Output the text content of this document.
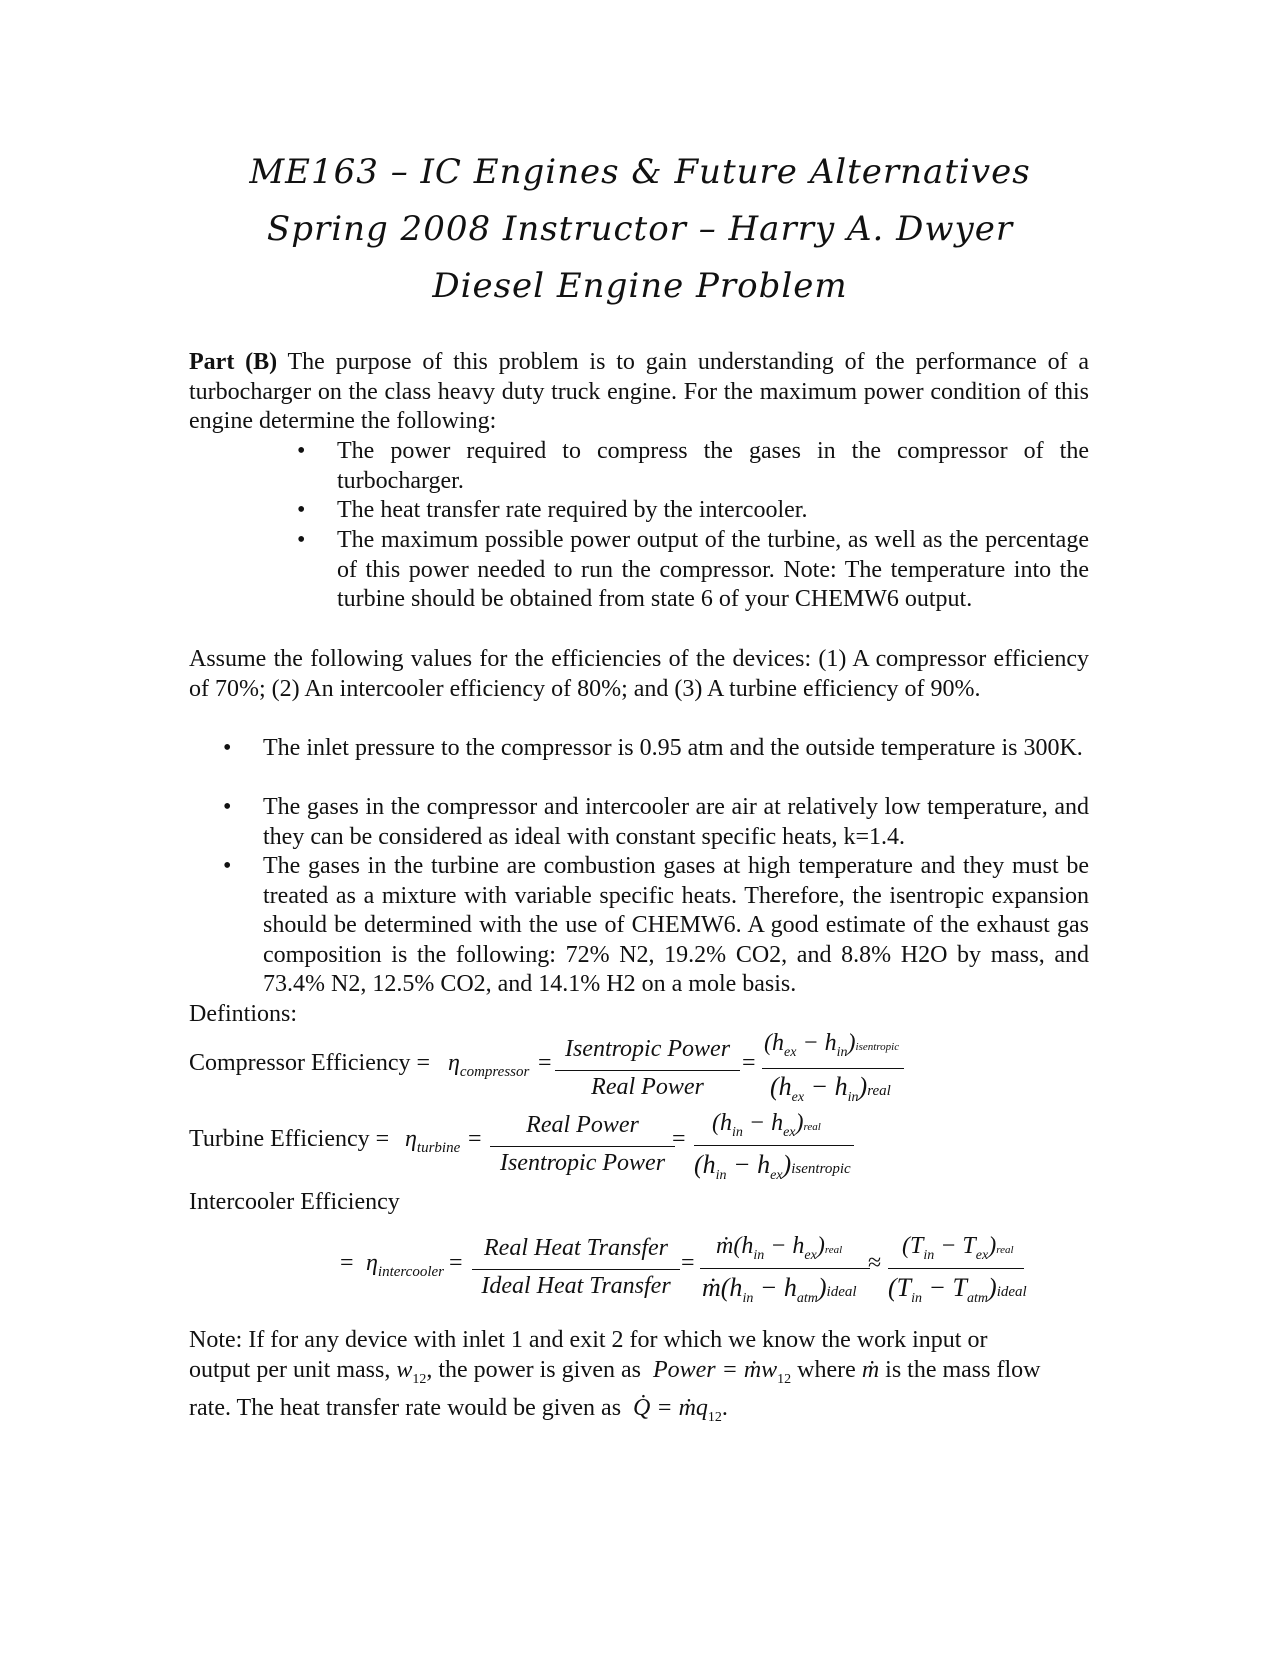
ME163 – IC Engines & Future Alternatives
Spring 2008 Instructor – Harry A. Dwyer
Diesel Engine Problem
Part (B) The purpose of this problem is to gain understanding of the performance of a turbocharger on the class heavy duty truck engine. For the maximum power condition of this engine determine the following:
• The power required to compress the gases in the compressor of the turbocharger.
• The heat transfer rate required by the intercooler.
• The maximum possible power output of the turbine, as well as the percentage of this power needed to run the compressor. Note: The temperature into the turbine should be obtained from state 6 of your CHEMW6 output.
Assume the following values for the efficiencies of the devices: (1) A compressor efficiency of 70%; (2) An intercooler efficiency of 80%; and (3) A turbine efficiency of 90%.
• The inlet pressure to the compressor is 0.95 atm and the outside temperature is 300K.
• The gases in the compressor and intercooler are air at relatively low temperature, and they can be considered as ideal with constant specific heats, k=1.4.
• The gases in the turbine are combustion gases at high temperature and they must be treated as a mixture with variable specific heats. Therefore, the isentropic expansion should be determined with the use of CHEMW6. A good estimate of the exhaust gas composition is the following: 72% N2, 19.2% CO2, and 8.8% H2O by mass, and 73.4% N2, 12.5% CO2, and 14.1% H2 on a mole basis.
Defintions:
Compressor Efficiency = $\eta_{compressor}$ =
Isentropic Power
Real Power
=
($h_{ex}$ − $h_{in})isentropic$
($h_{ex}$ − $h_{in})real$
Turbine Efficiency = $\eta_{turbine}$ =
Real Power
Isentropic Power
=
($h_{in}$ − $h_{ex})real$
($h_{in}$ − $h_{ex})isentropic$
Intercooler Efficiency
= $\eta_{intercooler}$ =
Real Heat Transfer
Ideal Heat Transfer
=
$ṁ(h_{in}$ − $h_{ex})real$
$ṁ(h_{in}$ − $h_{atm})ideal$
≈
($T_{in}$ − $T_{ex})real$
($T_{in}$ − $T_{atm})ideal$
Note: If for any device with inlet 1 and exit 2 for which we know the work input or
output per unit mass, $w_{12}$, the power is given as  Power = ṁw$_{12}$ where ṁ is the mass flow
rate. The heat transfer rate would be given as  Q̇ = ṁq$_{12}$.
